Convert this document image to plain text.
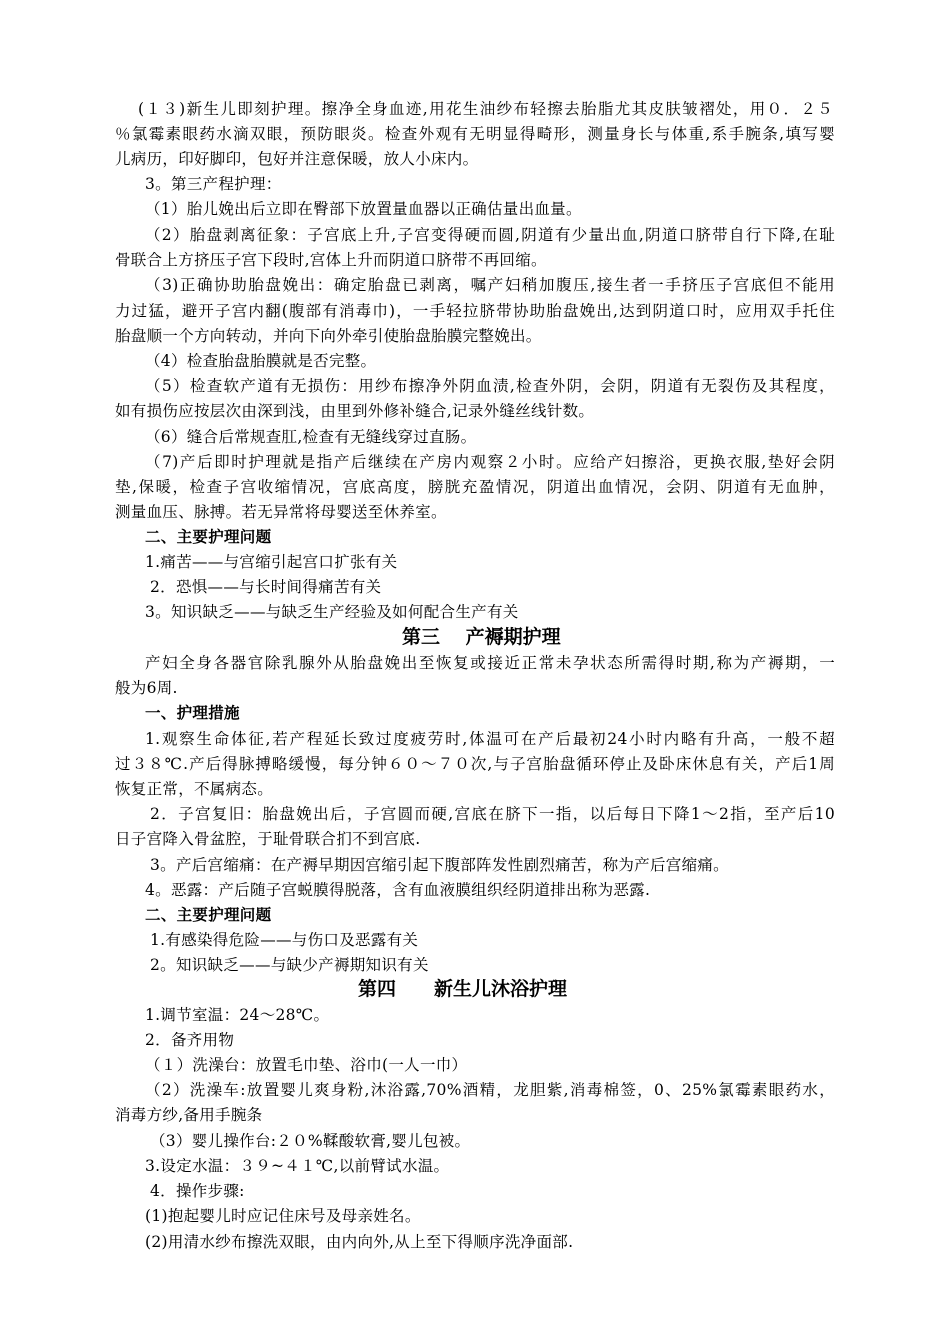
(１３)新生儿即刻护理。擦净全身血迹,用花生油纱布轻擦去胎脂尤其皮肤皱褶处，用０．２５
％氯霉素眼药水滴双眼，预防眼炎。检查外观有无明显得畸形，测量身长与体重,系手腕条,填写婴
儿病历，印好脚印，包好并注意保暖，放人小床内。
3。第三产程护理：
（1）胎儿娩出后立即在臀部下放置量血器以正确估量出血量。
（2）胎盘剥离征象：子宫底上升,子宫变得硬而圆,阴道有少量出血,阴道口脐带自行下降,在耻
骨联合上方挤压子宫下段时,宫体上升而阴道口脐带不再回缩。
（3)正确协助胎盘娩出：确定胎盘已剥离，嘱产妇稍加腹压,接生者一手挤压子宫底但不能用
力过猛，避开子宫内翻(腹部有消毒巾)，一手轻拉脐带协助胎盘娩出,达到阴道口时，应用双手托住
胎盘顺一个方向转动，并向下向外牵引使胎盘胎膜完整娩出。
（4）检查胎盘胎膜就是否完整。
（5）检查软产道有无损伤：用纱布擦净外阴血渍,检查外阴，会阴，阴道有无裂伤及其程度，
如有损伤应按层次由深到浅，由里到外修补缝合,记录外缝丝线针数。
（6）缝合后常规查肛,检查有无缝线穿过直肠。
（7)产后即时护理就是指产后继续在产房内观察２小时。应给产妇擦浴，更换衣服,垫好会阴
垫,保暖，检查子宫收缩情况，宫底高度，膀胱充盈情况，阴道出血情况，会阴、阴道有无血肿，
测量血压、脉搏。若无异常将母婴送至休养室。
二、主要护理问题
1.痛苦——与宫缩引起宫口扩张有关
2．恐惧——与长时间得痛苦有关
3。知识缺乏——与缺乏生产经验及如何配合生产有关
第三　 产褥期护理
产妇全身各器官除乳腺外从胎盘娩出至恢复或接近正常未孕状态所需得时期,称为产褥期，一
般为6周.
一、护理措施
1.观察生命体征,若产程延长致过度疲劳时,体温可在产后最初24小时内略有升高，一般不超
过３８℃.产后得脉搏略缓慢，每分钟６０～７０次,与子宫胎盘循环停止及卧床休息有关，产后1周
恢复正常，不属病态。
2．子宫复旧：胎盘娩出后，子宫圆而硬,宫底在脐下一指，以后每日下降1～2指，至产后10
日子宫降入骨盆腔，于耻骨联合扪不到宫底.
3。产后宫缩痛：在产褥早期因宫缩引起下腹部阵发性剧烈痛苦，称为产后宫缩痛。
4。恶露：产后随子宫蜕膜得脱落，含有血液膜组织经阴道排出称为恶露.
二、主要护理问题
1.有感染得危险——与伤口及恶露有关
2。知识缺乏——与缺少产褥期知识有关
第四　　新生儿沐浴护理
1.调节室温：24～28℃。
2．备齐用物
（１）洗澡台：放置毛巾垫、浴巾(一人一巾）
（2）洗澡车:放置婴儿爽身粉,沐浴露,70%酒精，龙胆紫,消毒棉签，0、25%氯霉素眼药水，
消毒方纱,备用手腕条
（3）婴儿操作台:２０%鞣酸软膏,婴儿包被。
3.设定水温：３９~４１℃,以前臂试水温。
4．操作步骤:
(1)抱起婴儿时应记住床号及母亲姓名。
(2)用清水纱布擦洗双眼，由内向外,从上至下得顺序洗净面部.
